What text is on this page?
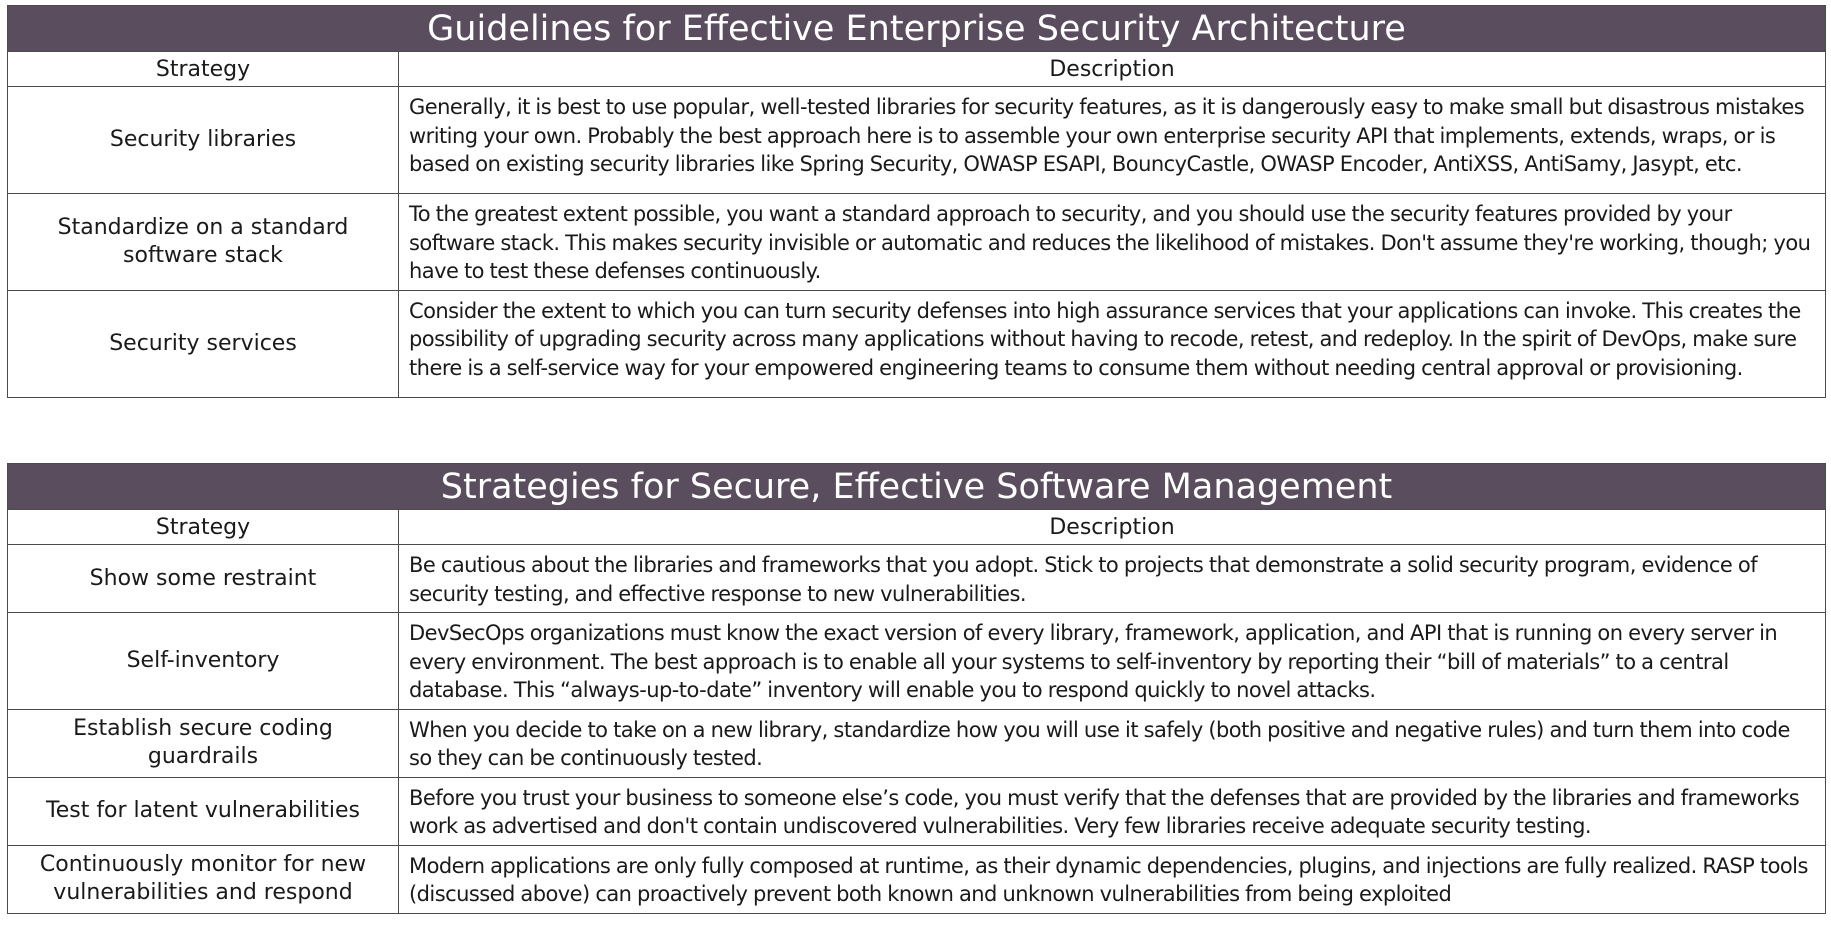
Guidelines for Effective Enterprise Security Architecture	
Strategy	Description
Security libraries	Generally, it is best to use popular, well-tested libraries for security features, as it is dangerously easy to make small but disastrous mistakes writing your own. Probably the best approach here is to assemble your own enterprise security API that implements, extends, wraps, or is based on existing security libraries like Spring Security, OWASP ESAPI, BouncyCastle, OWASP Encoder, AntiXSS, AntiSamy, Jasypt, etc.
Standardize on a standard software stack	To the greatest extent possible, you want a standard approach to security, and you should use the security features provided by your software stack. This makes security invisible or automatic and reduces the likelihood of mistakes. Don't assume they're working, though; you have to test these defenses continuously.
Security services	Consider the extent to which you can turn security defenses into high assurance services that your applications can invoke. This creates the possibility of upgrading security across many applications without having to recode, retest, and redeploy. In the spirit of DevOps, make sure there is a self-service way for your empowered engineering teams to consume them without needing central approval or provisioning.
Strategies for Secure, Effective Software Management	
Strategy	Description
Show some restraint	Be cautious about the libraries and frameworks that you adopt. Stick to projects that demonstrate a solid security program, evidence of security testing, and effective response to new vulnerabilities.
Self-inventory	DevSecOps organizations must know the exact version of every library, framework, application, and API that is running on every server in every environment. The best approach is to enable all your systems to self-inventory by reporting their “bill of materials” to a central database. This “always-up-to-date” inventory will enable you to respond quickly to novel attacks.
Establish secure coding guardrails	When you decide to take on a new library, standardize how you will use it safely (both positive and negative rules) and turn them into code so they can be continuously tested.
Test for latent vulnerabilities	Before you trust your business to someone else’s code, you must verify that the defenses that are provided by the libraries and frameworks work as advertised and don't contain undiscovered vulnerabilities. Very few libraries receive adequate security testing.
Continuously monitor for new vulnerabilities and respond	Modern applications are only fully composed at runtime, as their dynamic dependencies, plugins, and injections are fully realized. RASP tools (discussed above) can proactively prevent both known and unknown vulnerabilities from being exploited
